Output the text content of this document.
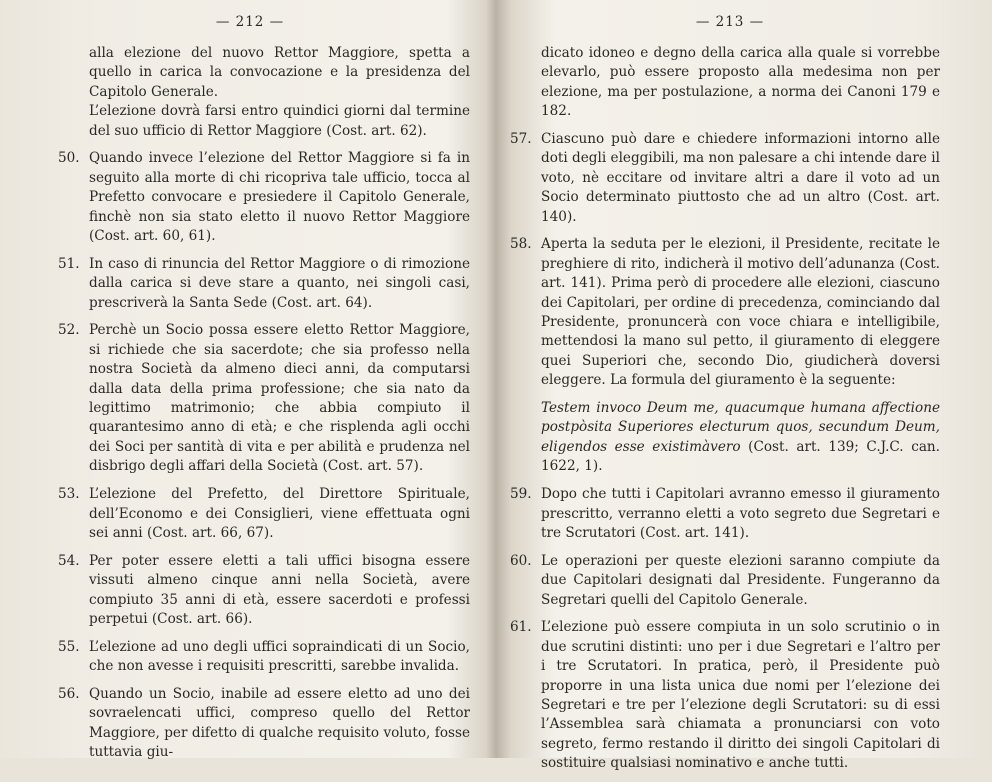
— 212 —

alla elezione del nuovo Rettor Maggiore, spetta a quello in carica la convocazione e la presidenza del Capitolo Generale.

L’elezione dovrà farsi entro quindici giorni dal termine del suo ufficio di Rettor Maggiore (Cost. art. 62).

50. Quando invece l’elezione del Rettor Maggiore si fa in seguito alla morte di chi ricopriva tale ufficio, tocca al Prefetto convocare e presiedere il Capitolo Generale, finchè non sia stato eletto il nuovo Rettor Maggiore (Cost. art. 60, 61).

51. In caso di rinuncia del Rettor Maggiore o di rimozione dalla carica si deve stare a quanto, nei singoli casi, prescriverà la Santa Sede (Cost. art. 64).

52. Perchè un Socio possa essere eletto Rettor Maggiore, si richiede che sia sacerdote; che sia professo nella nostra Società da almeno dieci anni, da computarsi dalla data della prima professione; che sia nato da legittimo matrimonio; che abbia compiuto il quarantesimo anno di età; e che risplenda agli occhi dei Soci per santità di vita e per abilità e prudenza nel disbrigo degli affari della Società (Cost. art. 57).

53. L’elezione del Prefetto, del Direttore Spirituale, dell’Economo e dei Consiglieri, viene effettuata ogni sei anni (Cost. art. 66, 67).

54. Per poter essere eletti a tali uffici bisogna essere vissuti almeno cinque anni nella Società, avere compiuto 35 anni di età, essere sacerdoti e professi perpetui (Cost. art. 66).

55. L’elezione ad uno degli uffici sopraindicati di un Socio, che non avesse i requisiti prescritti, sarebbe invalida.

56. Quando un Socio, inabile ad essere eletto ad uno dei sovraelencati uffici, compreso quello del Rettor Maggiore, per difetto di qualche requisito voluto, fosse tuttavia giu-

— 213 —

dicato idoneo e degno della carica alla quale si vorrebbe elevarlo, può essere proposto alla medesima non per elezione, ma per postulazione, a norma dei Canoni 179 e 182.

57. Ciascuno può dare e chiedere informazioni intorno alle doti degli eleggibili, ma non palesare a chi intende dare il voto, nè eccitare od invitare altri a dare il voto ad un Socio determinato piuttosto che ad un altro (Cost. art. 140).

58. Aperta la seduta per le elezioni, il Presidente, recitate le preghiere di rito, indicherà il motivo dell’adunanza (Cost. art. 141). Prima però di procedere alle elezioni, ciascuno dei Capitolari, per ordine di precedenza, cominciando dal Presidente, pronuncerà con voce chiara e intelligibile, mettendosi la mano sul petto, il giuramento di eleggere quei Superiori che, secondo Dio, giudicherà doversi eleggere. La formula del giuramento è la seguente:

Testem invoco Deum me, quacumque humana affectione postpòsita Superiores electurum quos, secundum Deum, eligendos esse existimàvero (Cost. art. 139; C.J.C. can. 1622, 1).

59. Dopo che tutti i Capitolari avranno emesso il giuramento prescritto, verranno eletti a voto segreto due Segretari e tre Scrutatori (Cost. art. 141).

60. Le operazioni per queste elezioni saranno compiute da due Capitolari designati dal Presidente. Fungeranno da Segretari quelli del Capitolo Generale.

61. L’elezione può essere compiuta in un solo scrutinio o in due scrutini distinti: uno per i due Segretari e l’altro per i tre Scrutatori. In pratica, però, il Presidente può proporre in una lista unica due nomi per l’elezione dei Segretari e tre per l’elezione degli Scrutatori: su di essi l’Assemblea sarà chiamata a pronunciarsi con voto segreto, fermo restando il diritto dei singoli Capitolari di sostituire qualsiasi nominativo e anche tutti.
